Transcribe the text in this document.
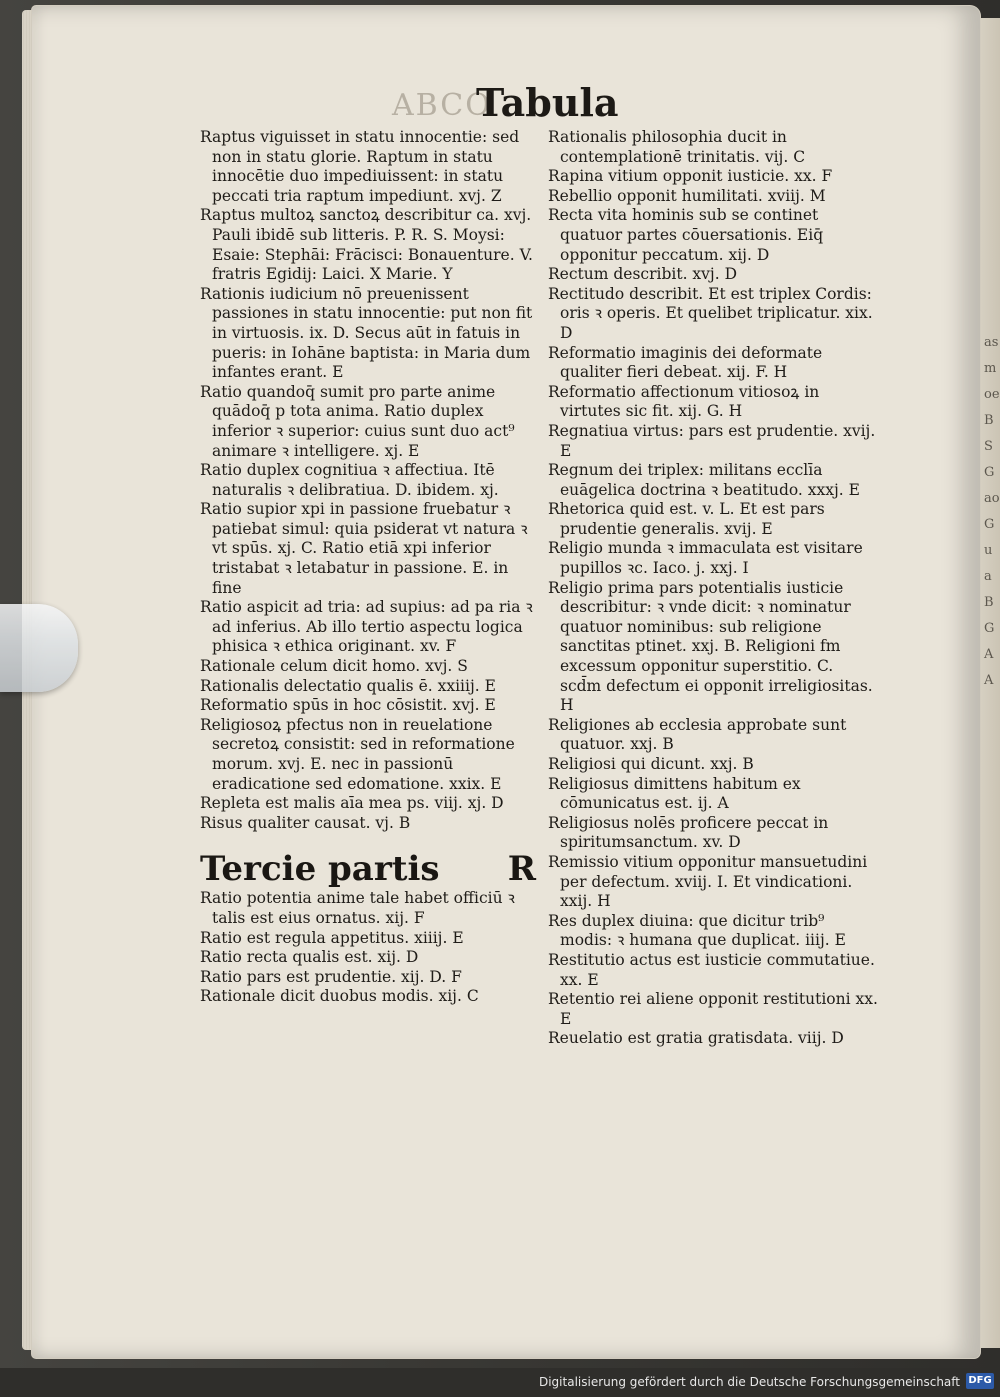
asmoeBSGaoGuaBGAA
ABCO
Tabula

Raptus viguisset in statu innocentie: sed non in statu glorie. Raptum in statu innocētie duo impediuissent: in statu peccati tria raptum impediunt. xvj. Z

Raptus multoꝝ sanctoꝝ describitur ca. xvj. Pauli ibidē sub litteris. P. R. S. Moysi: Esaie: Stephāi: Frācisci: Bonauenture. V. fratris Egidij: Laici. X Marie. Y

Rationis iudicium nō preuenissent passiones in statu innocentie: put non fit in virtuosis. ix. D. Secus aūt in fatuis in pueris: in Iohāne baptista: in Maria dum infantes erant. E

Ratio quandoq̄ sumit pro parte anime quādoq̄ p tota anima. Ratio duplex inferior ꝛ superior: cuius sunt duo act⁹ animare ꝛ intelligere. xj. E

Ratio duplex cognitiua ꝛ affectiua. Itē naturalis ꝛ delibratiua. D. ibidem. xj.

Ratio supior xpi in passione fruebatur ꝛ patiebat simul: quia psiderat vt natura ꝛ vt spūs. xj. C. Ratio etiā xpi inferior tristabat ꝛ letabatur in passione. E. in fine

Ratio aspicit ad tria: ad supius: ad pa ria ꝛ ad inferius. Ab illo tertio aspectu logica phisica ꝛ ethica originant. xv. F

Rationale celum dicit homo. xvj. S

Rationalis delectatio qualis ē. xxiiij. E

Reformatio spūs in hoc cōsistit. xvj. E

Religiosoꝝ pfectus non in reuelatione secretoꝝ consistit: sed in reformatione morum. xvj. E. nec in passionū eradicatione sed edomatione. xxix. E

Repleta est malis aīa mea ps. viij. xj. D

Risus qualiter causat. vj. B

Tercie partis R

Ratio potentia anime tale habet officiū ꝛ talis est eius ornatus. xij. F

Ratio est regula appetitus. xiiij. E

Ratio recta qualis est. xij. D

Ratio pars est prudentie. xij. D. F

Rationale dicit duobus modis. xij. C

Rationalis philosophia ducit in contemplationē trinitatis. vij. C

Rapina vitium opponit iusticie. xx. F

Rebellio opponit humilitati. xviij. M

Recta vita hominis sub se continet quatuor partes cōuersationis. Eiq̄ opponitur peccatum. xij. D

Rectum describit. xvj. D

Rectitudo describit. Et est triplex Cordis: oris ꝛ operis. Et quelibet triplicatur. xix. D

Reformatio imaginis dei deformate qualiter fieri debeat. xij. F. H

Reformatio affectionum vitiosoꝝ in virtutes sic fit. xij. G. H

Regnatiua virtus: pars est prudentie. xvij. E

Regnum dei triplex: militans ecclīa euāgelica doctrina ꝛ beatitudo. xxxj. E

Rhetorica quid est. v. L. Et est pars prudentie generalis. xvij. E

Religio munda ꝛ immaculata est visitare pupillos ꝛc. Iaco. j. xxj. I

Religio prima pars potentialis iusticie describitur: ꝛ vnde dicit: ꝛ nominatur quatuor nominibus: sub religione sanctitas ptinet. xxj. B. Religioni fm excessum opponitur superstitio. C. scd̄m defectum ei opponit irreligiositas. H

Religiones ab ecclesia approbate sunt quatuor. xxj. B

Religiosi qui dicunt. xxj. B

Religiosus dimittens habitum ex cōmunicatus est. ij. A

Religiosus nolēs proficere peccat in spiritumsanctum. xv. D

Remissio vitium opponitur mansuetudini per defectum. xviij. I. Et vindicationi. xxij. H

Res duplex diuina: que dicitur trib⁹ modis: ꝛ humana que duplicat. iiij. E

Restitutio actus est iusticie commutatiue. xx. E

Retentio rei aliene opponit restitutioni xx. E

Reuelatio est gratia gratisdata. viij. D

Digitalisierung gefördert durch die Deutsche Forschungsgemeinschaft DFG
